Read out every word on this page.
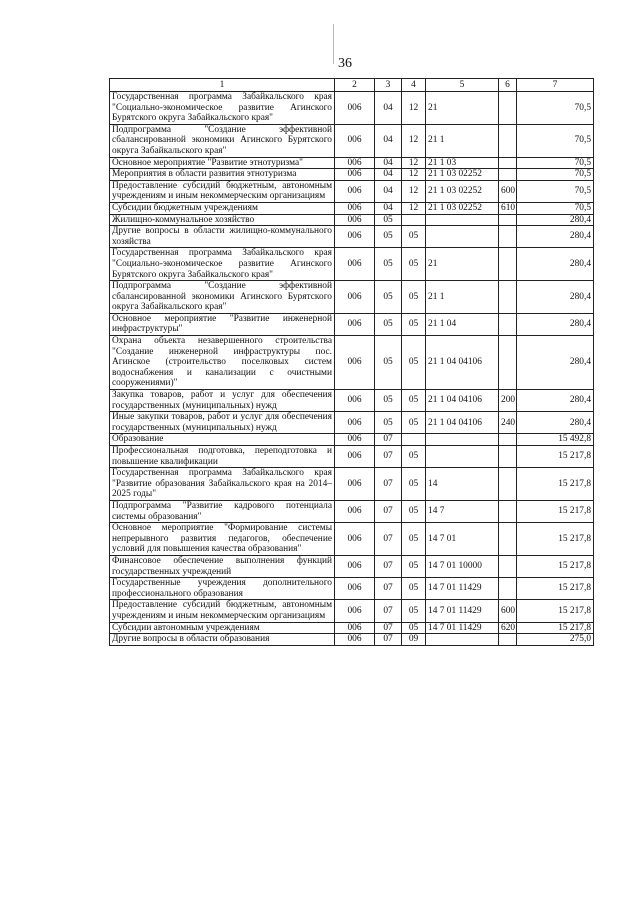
36
1	2	3	4	5	6	7
Государственная программа Забайкальского края "Социально-экономическое развитие Агинского Бурятского округа Забайкальского края"	006	04	12	21		70,5
Подпрограмма "Создание эффективной сбалансированной экономики Агинского Бурятского округа Забайкальского края"	006	04	12	21 1		70,5
Основное мероприятие "Развитие этнотуризма"	006	04	12	21 1 03		70,5
Мероприятия в области развития этнотуризма	006	04	12	21 1 03 02252		70,5
Предоставление субсидий бюджетным, автономным учреждениям и иным некоммерческим организациям	006	04	12	21 1 03 02252	600	70,5
Субсидии бюджетным учреждениям	006	04	12	21 1 03 02252	610	70,5
Жилищно-коммунальное хозяйство	006	05				280,4
Другие вопросы в области жилищно-коммунального хозяйства	006	05	05			280,4
Государственная программа Забайкальского края "Социально-экономическое развитие Агинского Бурятского округа Забайкальского края"	006	05	05	21		280,4
Подпрограмма "Создание эффективной сбалансированной экономики Агинского Бурятского округа Забайкальского края"	006	05	05	21 1		280,4
Основное мероприятие "Развитие инженерной инфраструктуры"	006	05	05	21 1 04		280,4
Охрана объекта незавершенного строительства "Создание инженерной инфраструктуры пос. Агинское (строительство поселковых систем водоснабжения и канализации с очистными сооружениями)"	006	05	05	21 1 04 04106		280,4
Закупка товаров, работ и услуг для обеспечения государственных (муниципальных) нужд	006	05	05	21 1 04 04106	200	280,4
Иные закупки товаров, работ и услуг для обеспечения государственных (муниципальных) нужд	006	05	05	21 1 04 04106	240	280,4
Образование	006	07				15 492,8
Профессиональная подготовка, переподготовка и повышение квалификации	006	07	05			15 217,8
Государственная программа Забайкальского края "Развитие образования Забайкальского края на 2014–2025 годы"	006	07	05	14		15 217,8
Подпрограмма "Развитие кадрового потенциала системы образования"	006	07	05	14 7		15 217,8
Основное мероприятие "Формирование системы непрерывного развития педагогов, обеспечение условий для повышения качества образования"	006	07	05	14 7 01		15 217,8
Финансовое обеспечение выполнения функций государственных учреждений	006	07	05	14 7 01 10000		15 217,8
Государственные учреждения дополнительного профессионального образования	006	07	05	14 7 01 11429		15 217,8
Предоставление субсидий бюджетным, автономным учреждениям и иным некоммерческим организациям	006	07	05	14 7 01 11429	600	15 217,8
Субсидии автономным учреждениям	006	07	05	14 7 01 11429	620	15 217,8
Другие вопросы в области образования	006	07	09			275,0
